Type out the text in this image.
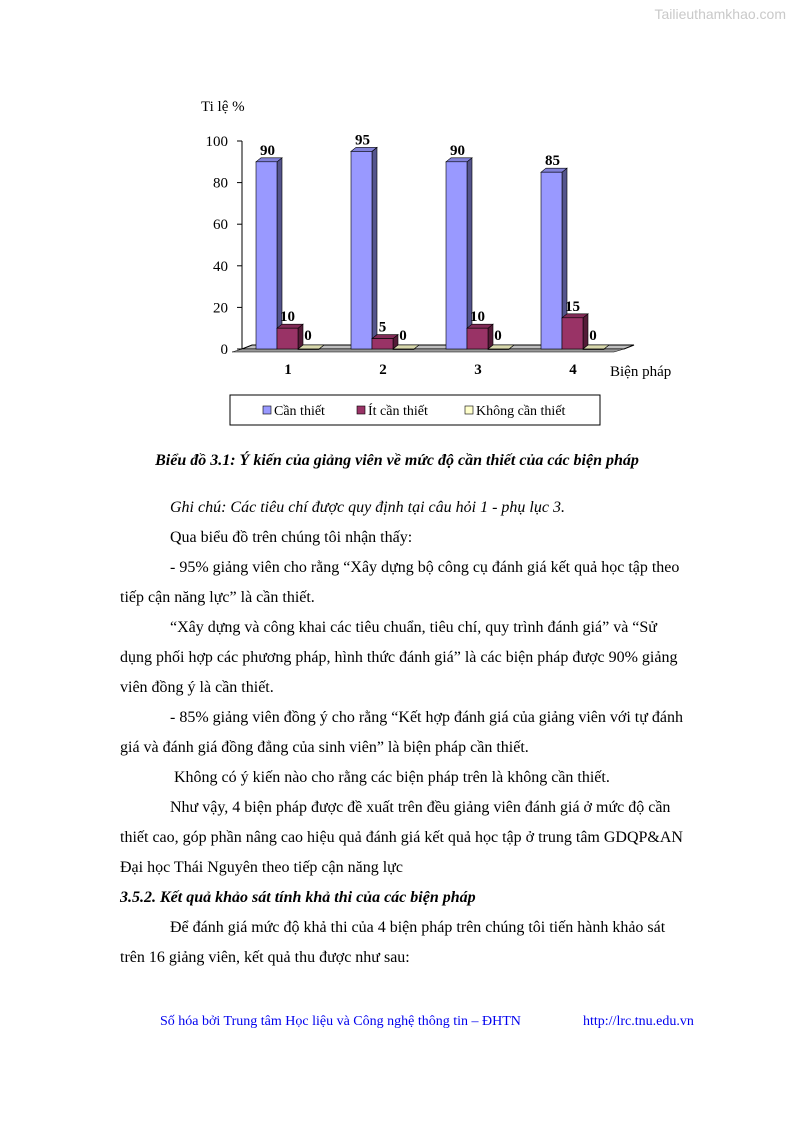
Tailieuthamkhao.com
Ti lệ %
Biện pháp
0
20
40
60
80
100
90
10
0
1
95
5
0
2
90
10
0
3
85
15
0
4
Cần thiết	Ít cần thiết	Không cần thiết
Biểu đồ 3.1: Ý kiến của giảng viên về mức độ cần thiết của các biện pháp
Ghi chú: Các tiêu chí được quy định tại câu hỏi 1 - phụ lục 3.
Qua biểu đồ trên chúng tôi nhận thấy:
- 95% giảng viên cho rằng “Xây dựng bộ công cụ đánh giá kết quả học tập theo
tiếp cận năng lực” là cần thiết.
“Xây dựng và công khai các tiêu chuẩn, tiêu chí, quy trình đánh giá” và “Sử
dụng phối hợp các phương pháp, hình thức đánh giá” là các biện pháp được 90% giảng
viên đồng ý là cần thiết.
- 85% giảng viên đồng ý cho rằng “Kết hợp đánh giá của giảng viên với tự đánh
giá và đánh giá đồng đẳng của sinh viên” là biện pháp cần thiết.
Không có ý kiến nào cho rằng các biện pháp trên là không cần thiết.
Như vậy, 4 biện pháp được đề xuất trên đều giảng viên đánh giá ở mức độ cần
thiết cao, góp phần nâng cao hiệu quả đánh giá kết quả học tập ở trung tâm GDQP&AN
Đại học Thái Nguyên theo tiếp cận năng lực
3.5.2. Kết quả khảo sát tính khả thi của các biện pháp
Để đánh giá mức độ khả thi của 4 biện pháp trên chúng tôi tiến hành khảo sát
trên 16 giảng viên, kết quả thu được như sau:
Số hóa bởi Trung tâm Học liệu và Công nghệ thông tin – ĐHTN	http://lrc.tnu.edu.vn
